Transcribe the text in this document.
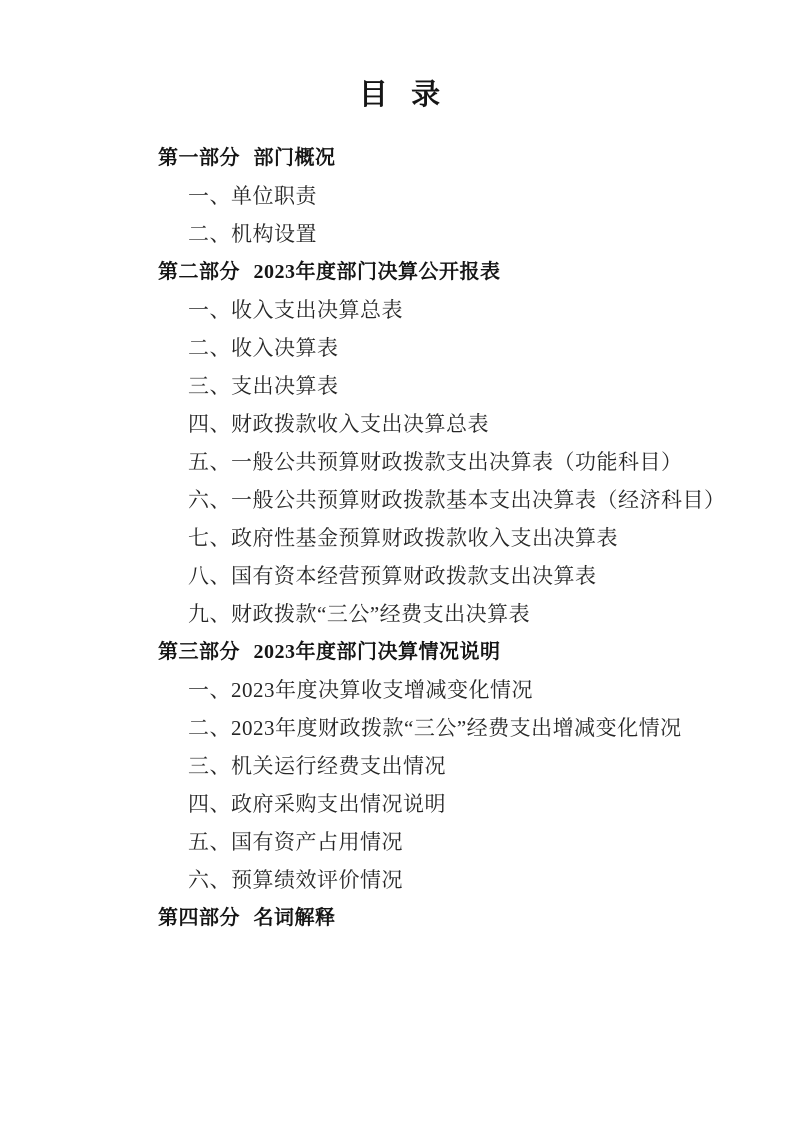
目 录
第一部分 部门概况
一、单位职责
二、机构设置
第二部分 2023年度部门决算公开报表
一、收入支出决算总表
二、收入决算表
三、支出决算表
四、财政拨款收入支出决算总表
五、一般公共预算财政拨款支出决算表（功能科目）
六、一般公共预算财政拨款基本支出决算表（经济科目）
七、政府性基金预算财政拨款收入支出决算表
八、国有资本经营预算财政拨款支出决算表
九、财政拨款“三公”经费支出决算表
第三部分 2023年度部门决算情况说明
一、2023年度决算收支增减变化情况
二、2023年度财政拨款“三公”经费支出增减变化情况
三、机关运行经费支出情况
四、政府采购支出情况说明
五、国有资产占用情况
六、预算绩效评价情况
第四部分 名词解释
